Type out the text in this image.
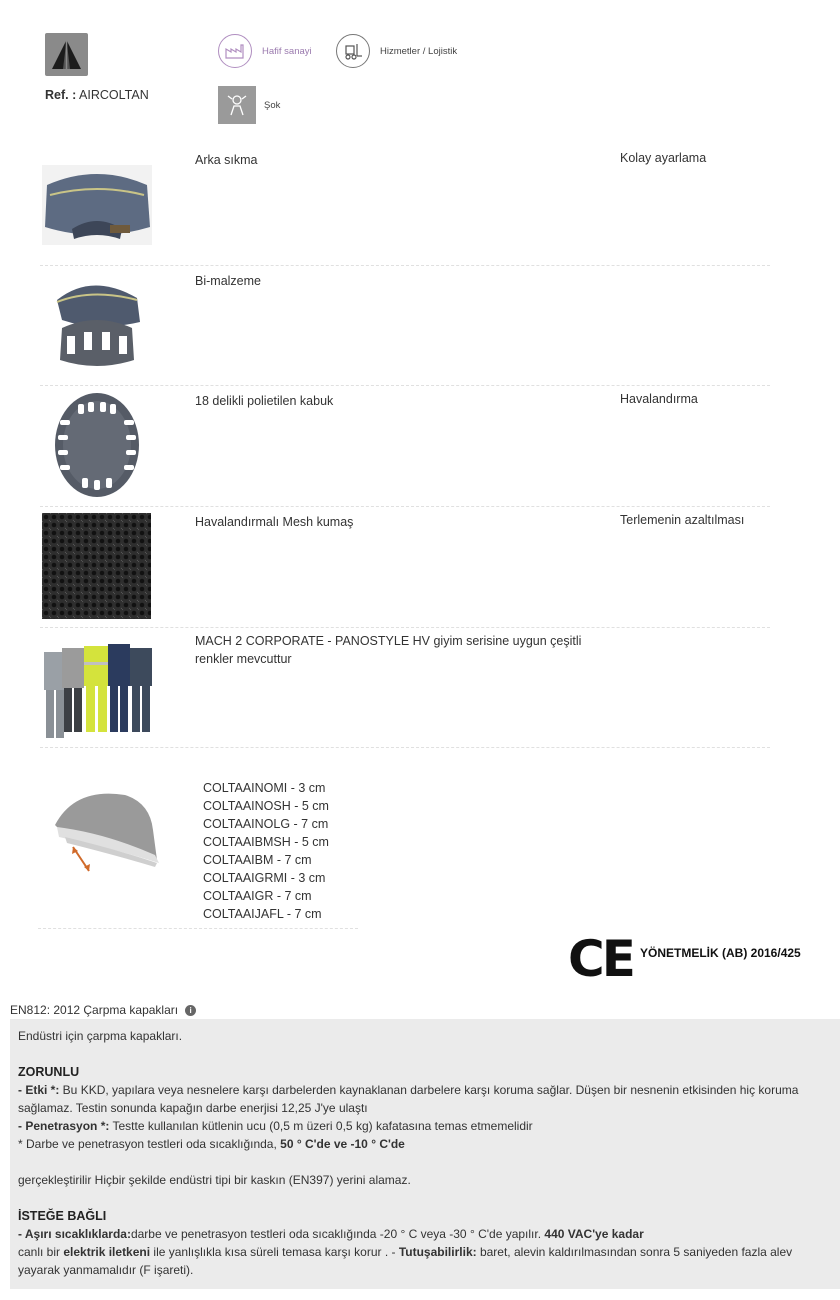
Ref. : AIRCOLTAN
Hafif sanayi	Hizmetler / Lojistik
Şok
Arka sıkma	Kolay ayarlama
Bi-malzeme
18 delikli polietilen kabuk	Havalandırma
Havalandırmalı Mesh kumaş	Terlemenin azaltılması
MACH 2 CORPORATE - PANOSTYLE HV giyim serisine uygun çeşitli renkler mevcuttur
COLTAAINOMI - 3 cm
COLTAAINOSH - 5 cm
COLTAAINOLG - 7 cm
COLTAAIBMSH - 5 cm
COLTAAIBM - 7 cm
COLTAAIGRMI - 3 cm
COLTAAIGR - 7 cm
COLTAAIJAFL - 7 cm
CE YÖNETMELİK (AB) 2016/425
EN812: 2012 Çarpma kapakları	i

Endüstri için çarpma kapakları.

ZORUNLU

- Etki *: Bu KKD, yapılara veya nesnelere karşı darbelerden kaynaklanan darbelere karşı koruma sağlar. Düşen bir nesnenin etkisinden hiç koruma sağlamaz. Testin sonunda kapağın darbe enerjisi 12,25 J'ye ulaştı

- Penetrasyon *: Testte kullanılan kütlenin ucu (0,5 m üzeri 0,5 kg) kafatasına temas etmemelidir

* Darbe ve penetrasyon testleri oda sıcaklığında, 50 ° C'de ve -10 ° C'de

gerçekleştirilir Hiçbir şekilde endüstri tipi bir kaskın (EN397) yerini alamaz.

İSTEĞE BAĞLI

- Aşırı sıcaklıklarda:darbe ve penetrasyon testleri oda sıcaklığında -20 ° C veya -30 ° C'de yapılır. 440 VAC'ye kadar

canlı bir elektrik iletkeni ile yanlışlıkla kısa süreli temasa karşı korur . - Tutuşabilirlik: baret, alevin kaldırılmasından sonra 5 saniyeden fazla alev yayarak yanmamalıdır (F işareti).
